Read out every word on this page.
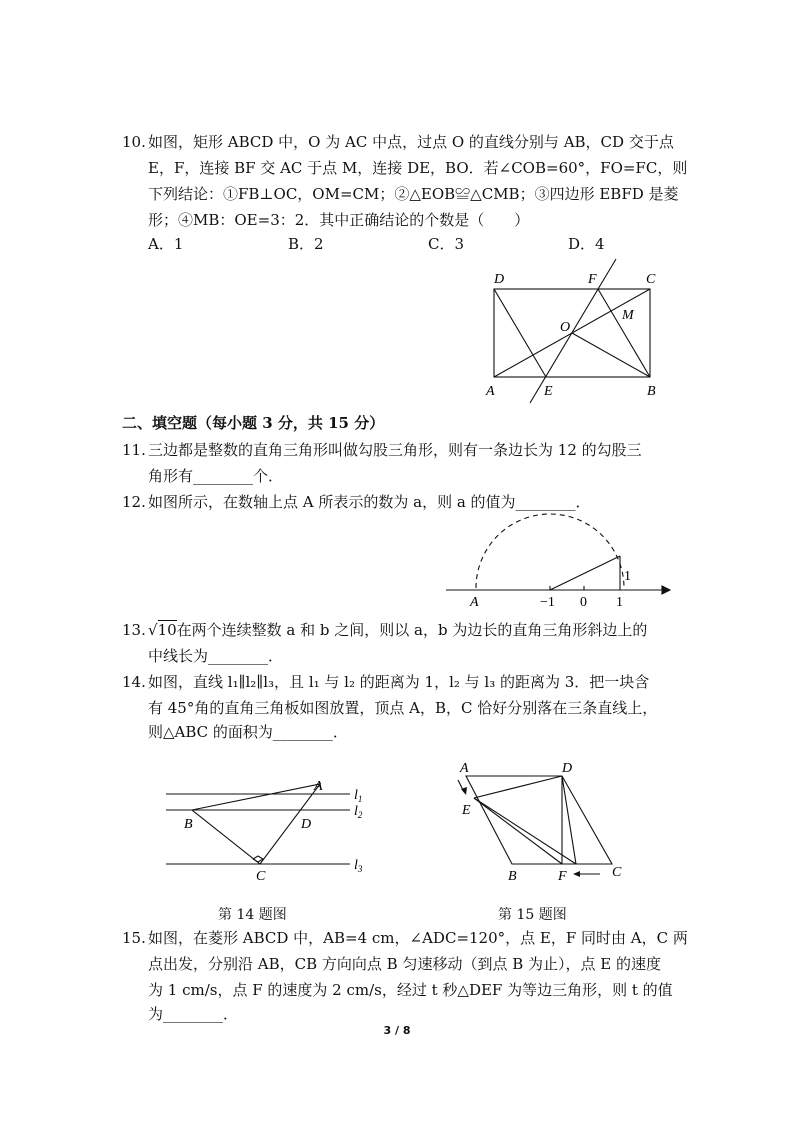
10. 如图，矩形 ABCD 中，O 为 AC 中点，过点 O 的直线分别与 AB，CD 交于点
E，F，连接 BF 交 AC 于点 M，连接 DE，BO．若∠COB=60°，FO=FC，则
下列结论：①FB⊥OC，OM=CM；②△EOB≌△CMB；③四边形 EBFD 是菱
形；④MB：OE=3：2．其中正确结论的个数是（　　）
A．1	B．2	C．3	D．4
D	F	C
O
M
A	E	B
二、填空题（每小题 3 分，共 15 分）
11. 三边都是整数的直角三角形叫做勾股三角形，则有一条边长为 12 的勾股三
角形有________个．
12. 如图所示，在数轴上点 A 所表示的数为 a，则 a 的值为________．
A	−1 0 1
1
13. √10在两个连续整数 a 和 b 之间，则以 a，b 为边长的直角三角形斜边上的
中线长为________．
14. 如图，直线 l₁∥l₂∥l₃，且 l₁ 与 l₂ 的距离为 1，l₂ 与 l₃ 的距离为 3．把一块含
有 45°角的直角三角板如图放置，顶点 A，B，C 恰好分别落在三条直线上，
则△ABC 的面积为________．
A
B	D
C
$l_1$
$l_2$
$l_3$
第 14 题图
A	D
E
B	F	C
第 15 题图
15. 如图，在菱形 ABCD 中，AB=4 cm，∠ADC=120°，点 E，F 同时由 A，C 两
点出发，分别沿 AB，CB 方向向点 B 匀速移动（到点 B 为止），点 E 的速度
为 1 cm/s，点 F 的速度为 2 cm/s，经过 t 秒△DEF 为等边三角形，则 t 的值
为________．
3 / 8
